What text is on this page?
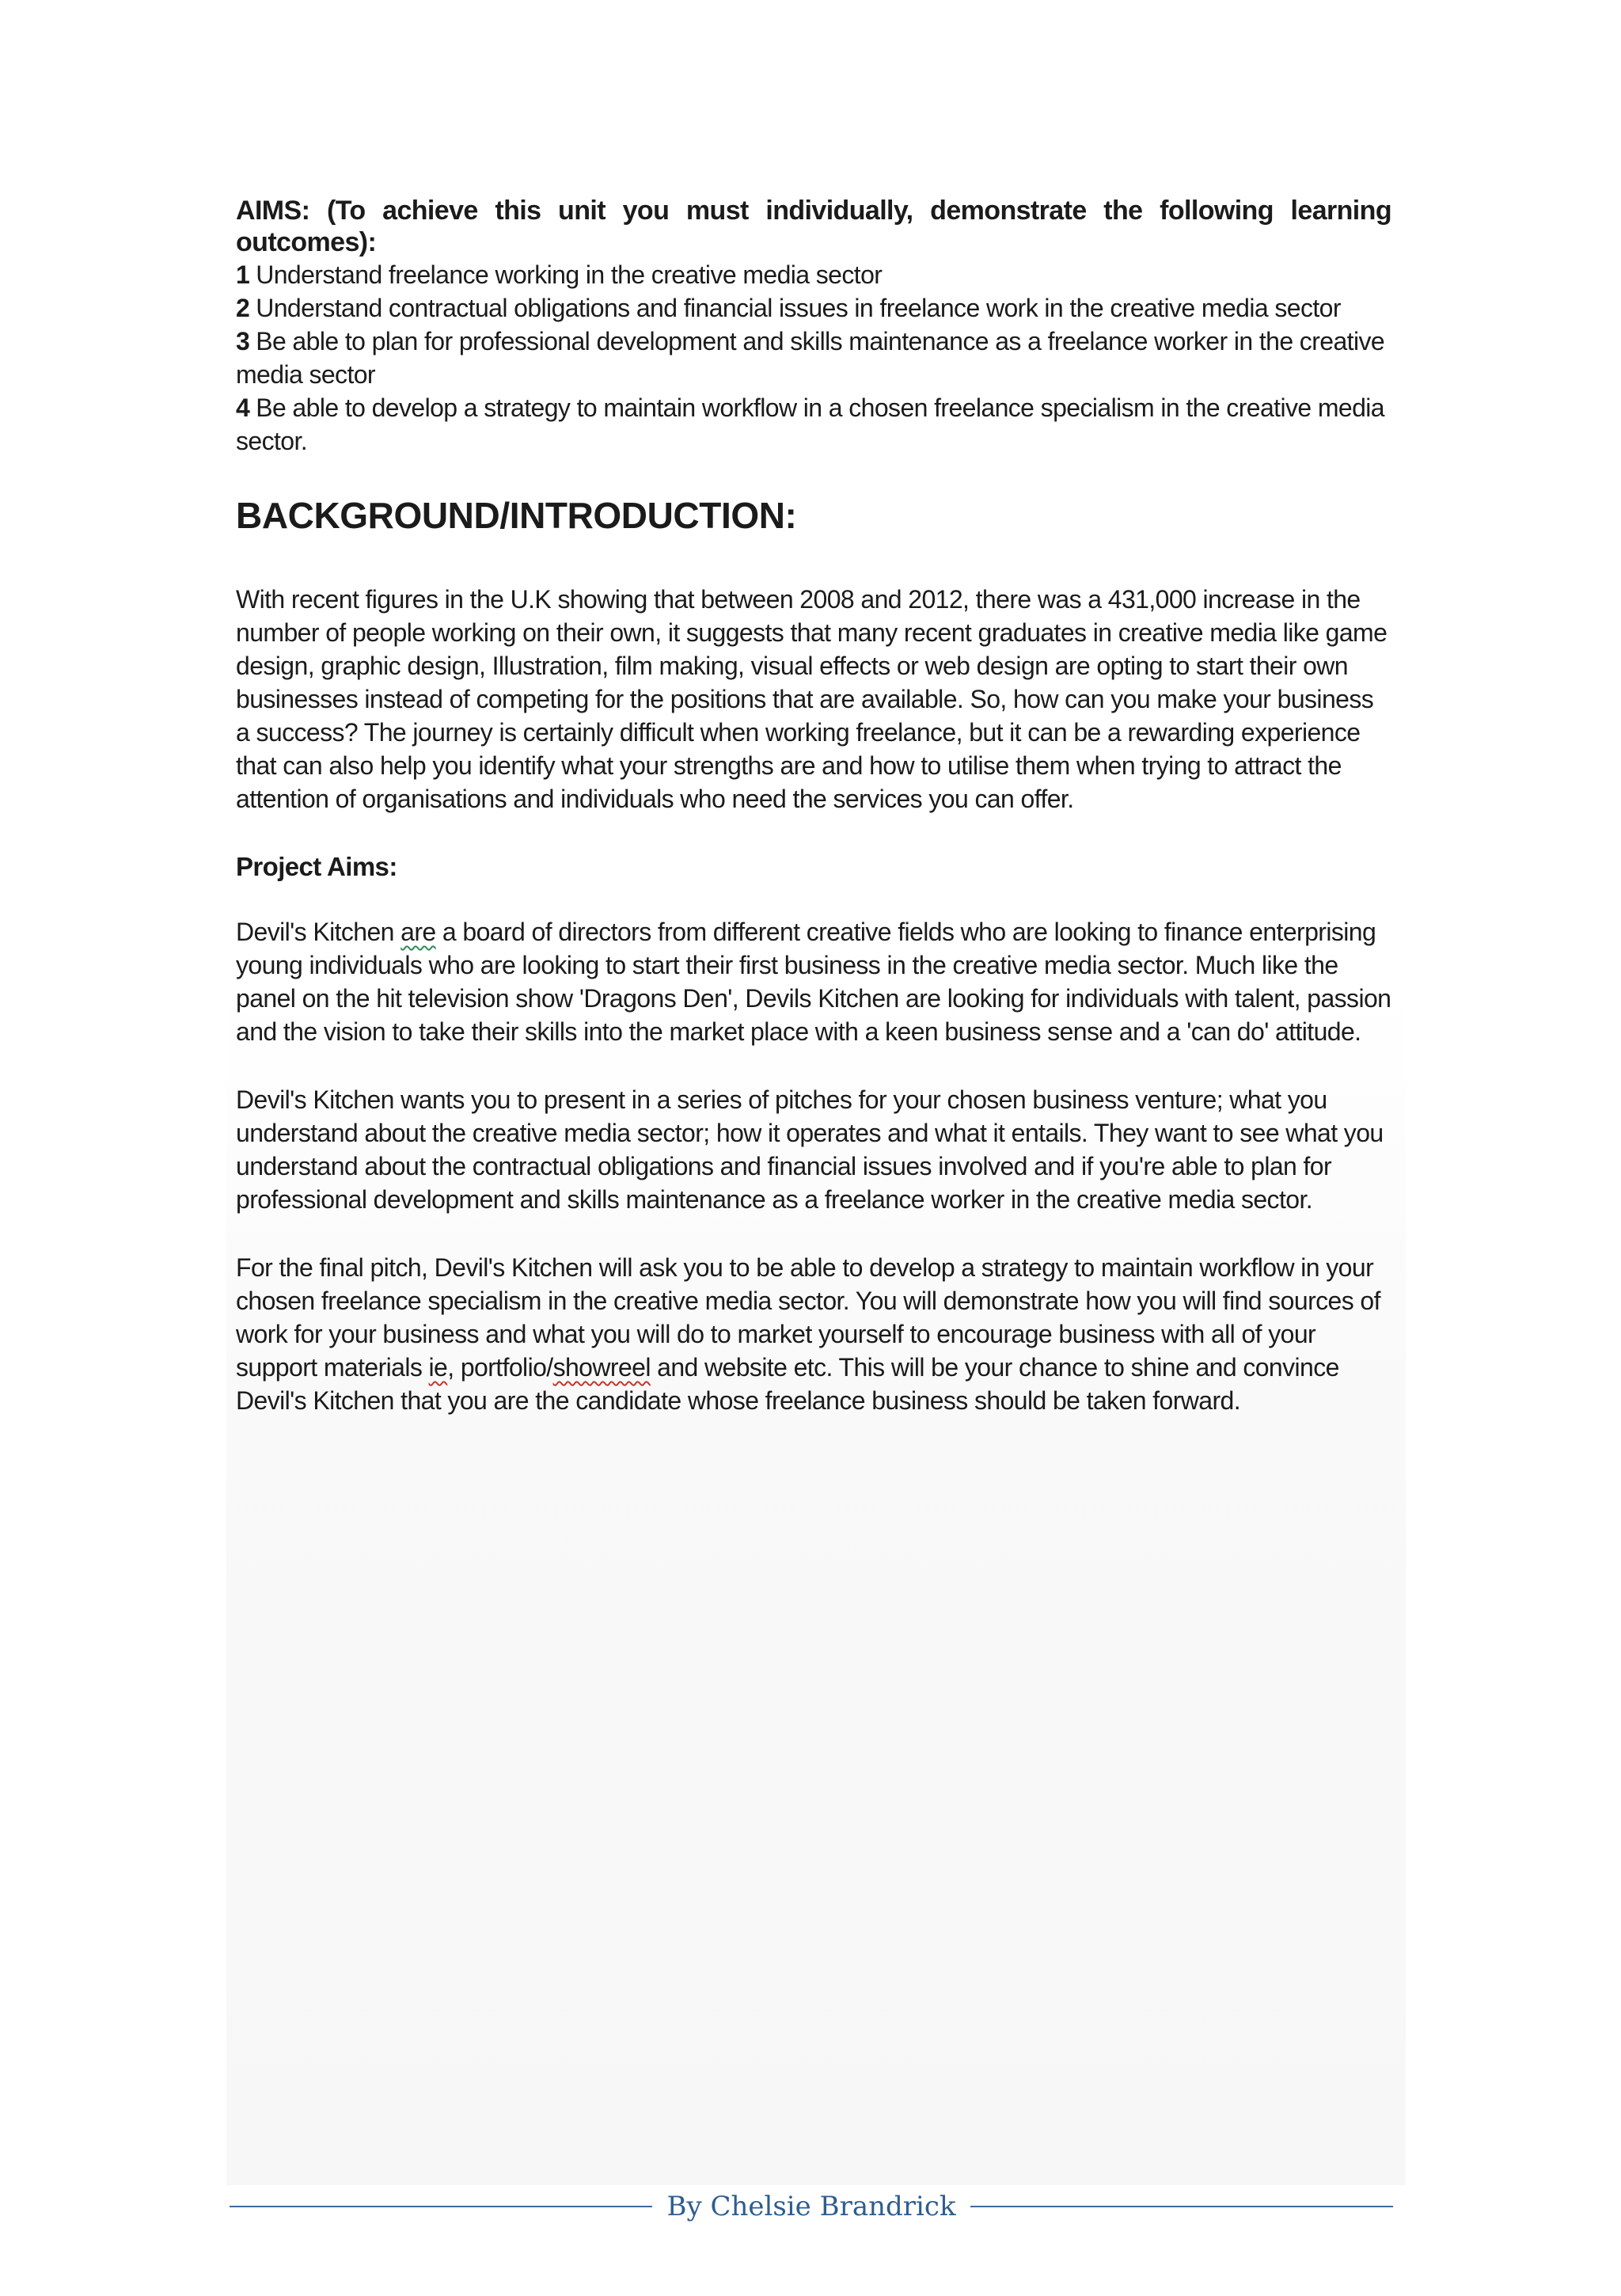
AIMS: (To achieve this unit you must individually, demonstrate the following learning outcomes):

1 Understand freelance working in the creative media sector

2 Understand contractual obligations and financial issues in freelance work in the creative media sector

3 Be able to plan for professional development and skills maintenance as a freelance worker in the creative media sector

4 Be able to develop a strategy to maintain workflow in a chosen freelance specialism in the creative media sector.

BACKGROUND/INTRODUCTION:

With recent figures in the U.K showing that between 2008 and 2012, there was a 431,000 increase in the number of people working on their own, it suggests that many recent graduates in creative media like game design, graphic design, Illustration, film making, visual effects or web design are opting to start their own businesses instead of competing for the positions that are available. So, how can you make your business a success? The journey is certainly difficult when working freelance, but it can be a rewarding experience that can also help you identify what your strengths are and how to utilise them when trying to attract the attention of organisations and individuals who need the services you can offer.

Project Aims:

Devil's Kitchen are a board of directors from different creative fields who are looking to finance enterprising young individuals who are looking to start their first business in the creative media sector. Much like the panel on the hit television show 'Dragons Den', Devils Kitchen are looking for individuals with talent, passion and the vision to take their skills into the market place with a keen business sense and a 'can do' attitude.

Devil's Kitchen wants you to present in a series of pitches for your chosen business venture; what you understand about the creative media sector; how it operates and what it entails. They want to see what you understand about the contractual obligations and financial issues involved and if you're able to plan for professional development and skills maintenance as a freelance worker in the creative media sector.

For the final pitch, Devil's Kitchen will ask you to be able to develop a strategy to maintain workflow in your chosen freelance specialism in the creative media sector. You will demonstrate how you will find sources of work for your business and what you will do to market yourself to encourage business with all of your support materials ie, portfolio/showreel and website etc. This will be your chance to shine and convince Devil's Kitchen that you are the candidate whose freelance business should be taken forward.

By Chelsie Brandrick
